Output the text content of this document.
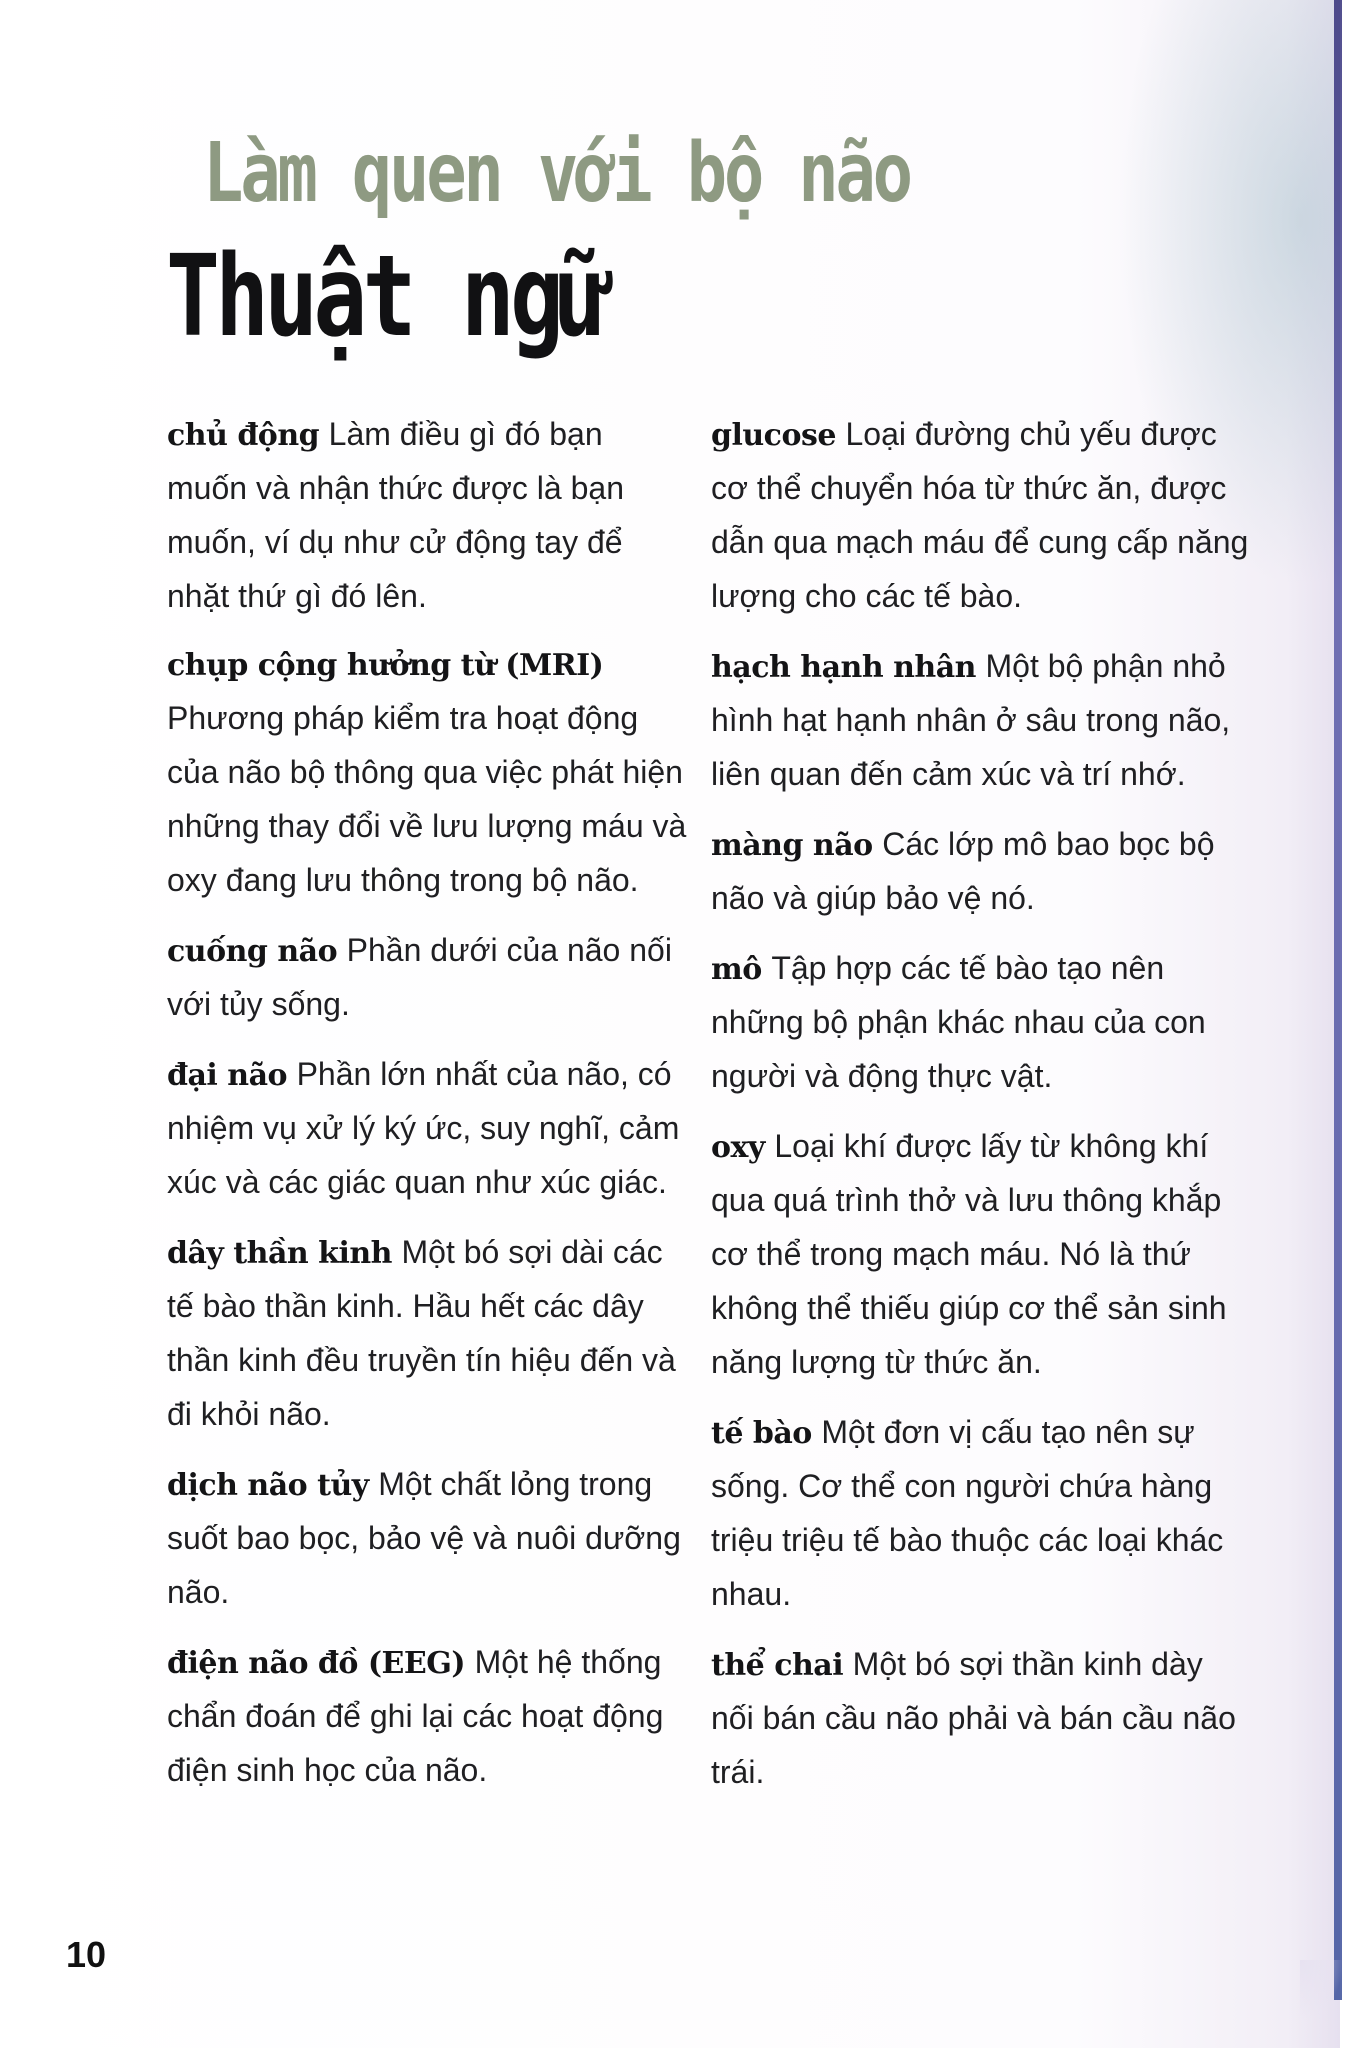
Làm quen với bộ não
Thuật ngữ

chủ động Làm điều gì đó bạn muốn và nhận thức được là bạn muốn, ví dụ như cử động tay để nhặt thứ gì đó lên.

chụp cộng hưởng từ (MRI)
Phương pháp kiểm tra hoạt động của não bộ thông qua việc phát hiện những thay đổi về lưu lượng máu và oxy đang lưu thông trong bộ não.

cuống não Phần dưới của não nối với tủy sống.

đại não Phần lớn nhất của não, có nhiệm vụ xử lý ký ức, suy nghĩ, cảm xúc và các giác quan như xúc giác.

dây thần kinh Một bó sợi dài các tế bào thần kinh. Hầu hết các dây thần kinh đều truyền tín hiệu đến và đi khỏi não.

dịch não tủy Một chất lỏng trong suốt bao bọc, bảo vệ và nuôi dưỡng não.

điện não đồ (EEG) Một hệ thống chẩn đoán để ghi lại các hoạt động điện sinh học của não.

glucose Loại đường chủ yếu được cơ thể chuyển hóa từ thức ăn, được dẫn qua mạch máu để cung cấp năng lượng cho các tế bào.

hạch hạnh nhân Một bộ phận nhỏ hình hạt hạnh nhân ở sâu trong não, liên quan đến cảm xúc và trí nhớ.

màng não Các lớp mô bao bọc bộ não và giúp bảo vệ nó.

mô Tập hợp các tế bào tạo nên những bộ phận khác nhau của con người và động thực vật.

oxy Loại khí được lấy từ không khí qua quá trình thở và lưu thông khắp cơ thể trong mạch máu. Nó là thứ không thể thiếu giúp cơ thể sản sinh năng lượng từ thức ăn.

tế bào Một đơn vị cấu tạo nên sự sống. Cơ thể con người chứa hàng triệu triệu tế bào thuộc các loại khác nhau.

thể chai Một bó sợi thần kinh dày nối bán cầu não phải và bán cầu não trái.

10
